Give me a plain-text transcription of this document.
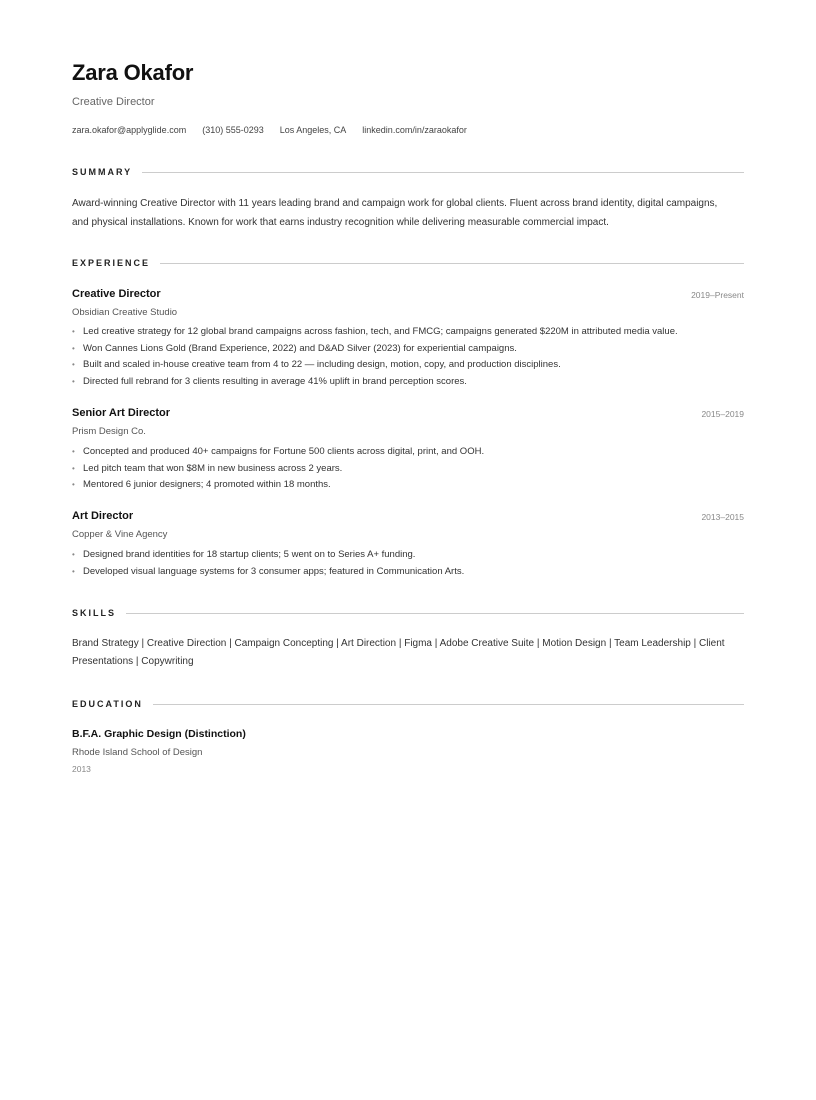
Zara Okafor
Creative Director
zara.okafor@applyglide.com (310) 555-0293 Los Angeles, CA linkedin.com/in/zaraokafor
SUMMARY

Award-winning Creative Director with 11 years leading brand and campaign work for global clients. Fluent across brand identity, digital campaigns, and physical installations. Known for work that earns industry recognition while delivering measurable commercial impact.

EXPERIENCE
Creative Director	2019–Present
Obsidian Creative Studio
• Led creative strategy for 12 global brand campaigns across fashion, tech, and FMCG; campaigns generated $220M in attributed media value.
• Won Cannes Lions Gold (Brand Experience, 2022) and D&AD Silver (2023) for experiential campaigns.
• Built and scaled in-house creative team from 4 to 22 — including design, motion, copy, and production disciplines.
• Directed full rebrand for 3 clients resulting in average 41% uplift in brand perception scores.
Senior Art Director	2015–2019
Prism Design Co.
• Concepted and produced 40+ campaigns for Fortune 500 clients across digital, print, and OOH.
• Led pitch team that won $8M in new business across 2 years.
• Mentored 6 junior designers; 4 promoted within 18 months.
Art Director	2013–2015
Copper & Vine Agency
• Designed brand identities for 18 startup clients; 5 went on to Series A+ funding.
• Developed visual language systems for 3 consumer apps; featured in Communication Arts.
SKILLS

Brand Strategy | Creative Direction | Campaign Concepting | Art Direction | Figma | Adobe Creative Suite | Motion Design | Team Leadership | Client Presentations | Copywriting

EDUCATION
B.F.A. Graphic Design (Distinction)
Rhode Island School of Design
2013
